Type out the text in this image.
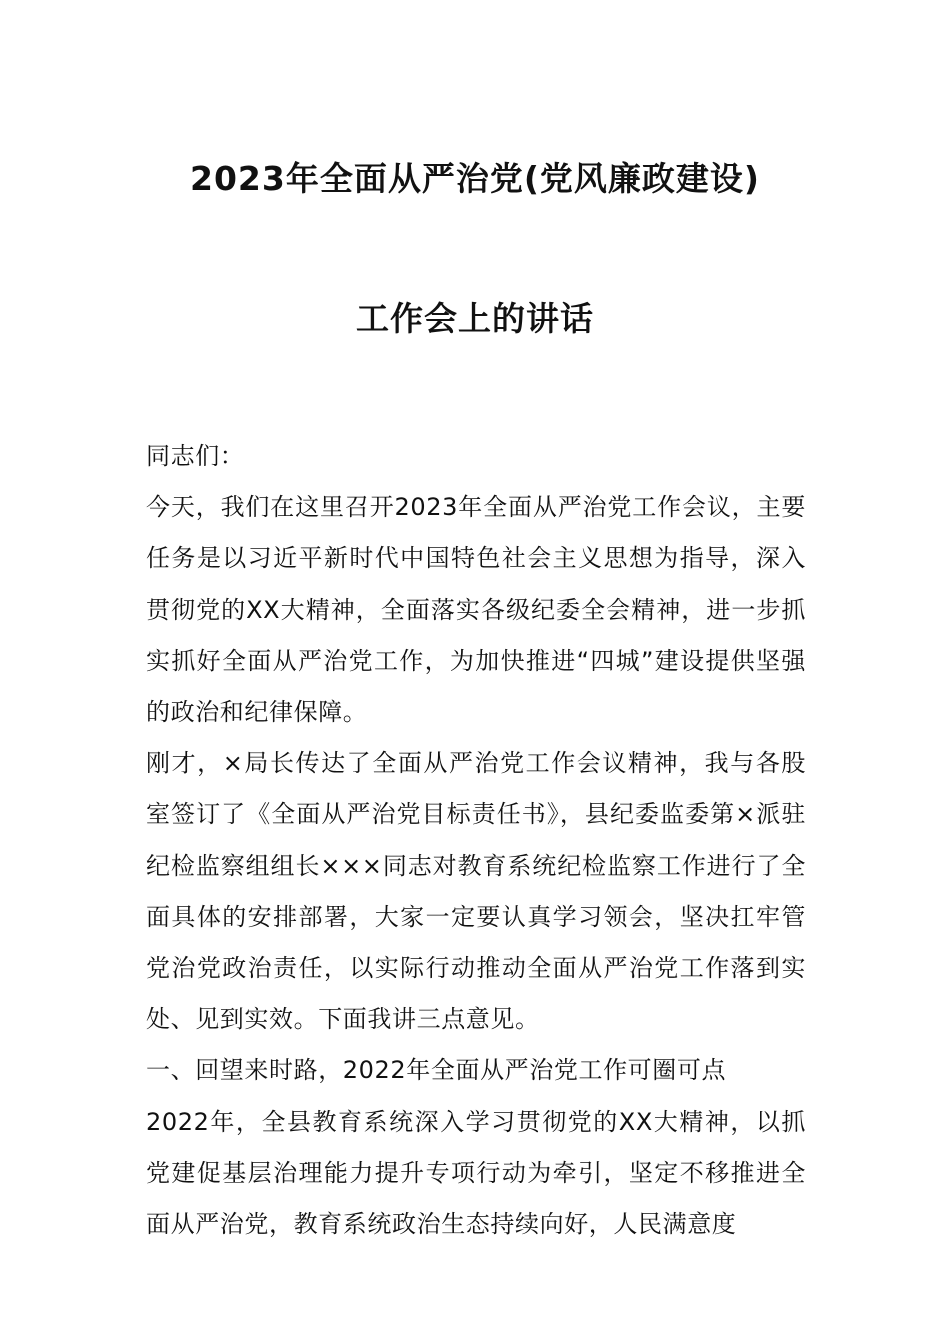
2023年全面从严治党(党风廉政建设)
工作会上的讲话

同志们：

今天，我们在这里召开2023年全面从严治党工作会议，主要任务是以习近平新时代中国特色社会主义思想为指导，深入贯彻党的XX大精神，全面落实各级纪委全会精神，进一步抓实抓好全面从严治党工作，为加快推进“四城”建设提供坚强的政治和纪律保障。

刚才，×局长传达了全面从严治党工作会议精神，我与各股室签订了《全面从严治党目标责任书》，县纪委监委第×派驻纪检监察组组长×××同志对教育系统纪检监察工作进行了全面具体的安排部署，大家一定要认真学习领会，坚决扛牢管党治党政治责任，以实际行动推动全面从严治党工作落到实处、见到实效。下面我讲三点意见。

一、回望来时路，2022年全面从严治党工作可圈可点

2022年，全县教育系统深入学习贯彻党的XX大精神，以抓党建促基层治理能力提升专项行动为牵引，坚定不移推进全面从严治党，教育系统政治生态持续向好，人民满意度
